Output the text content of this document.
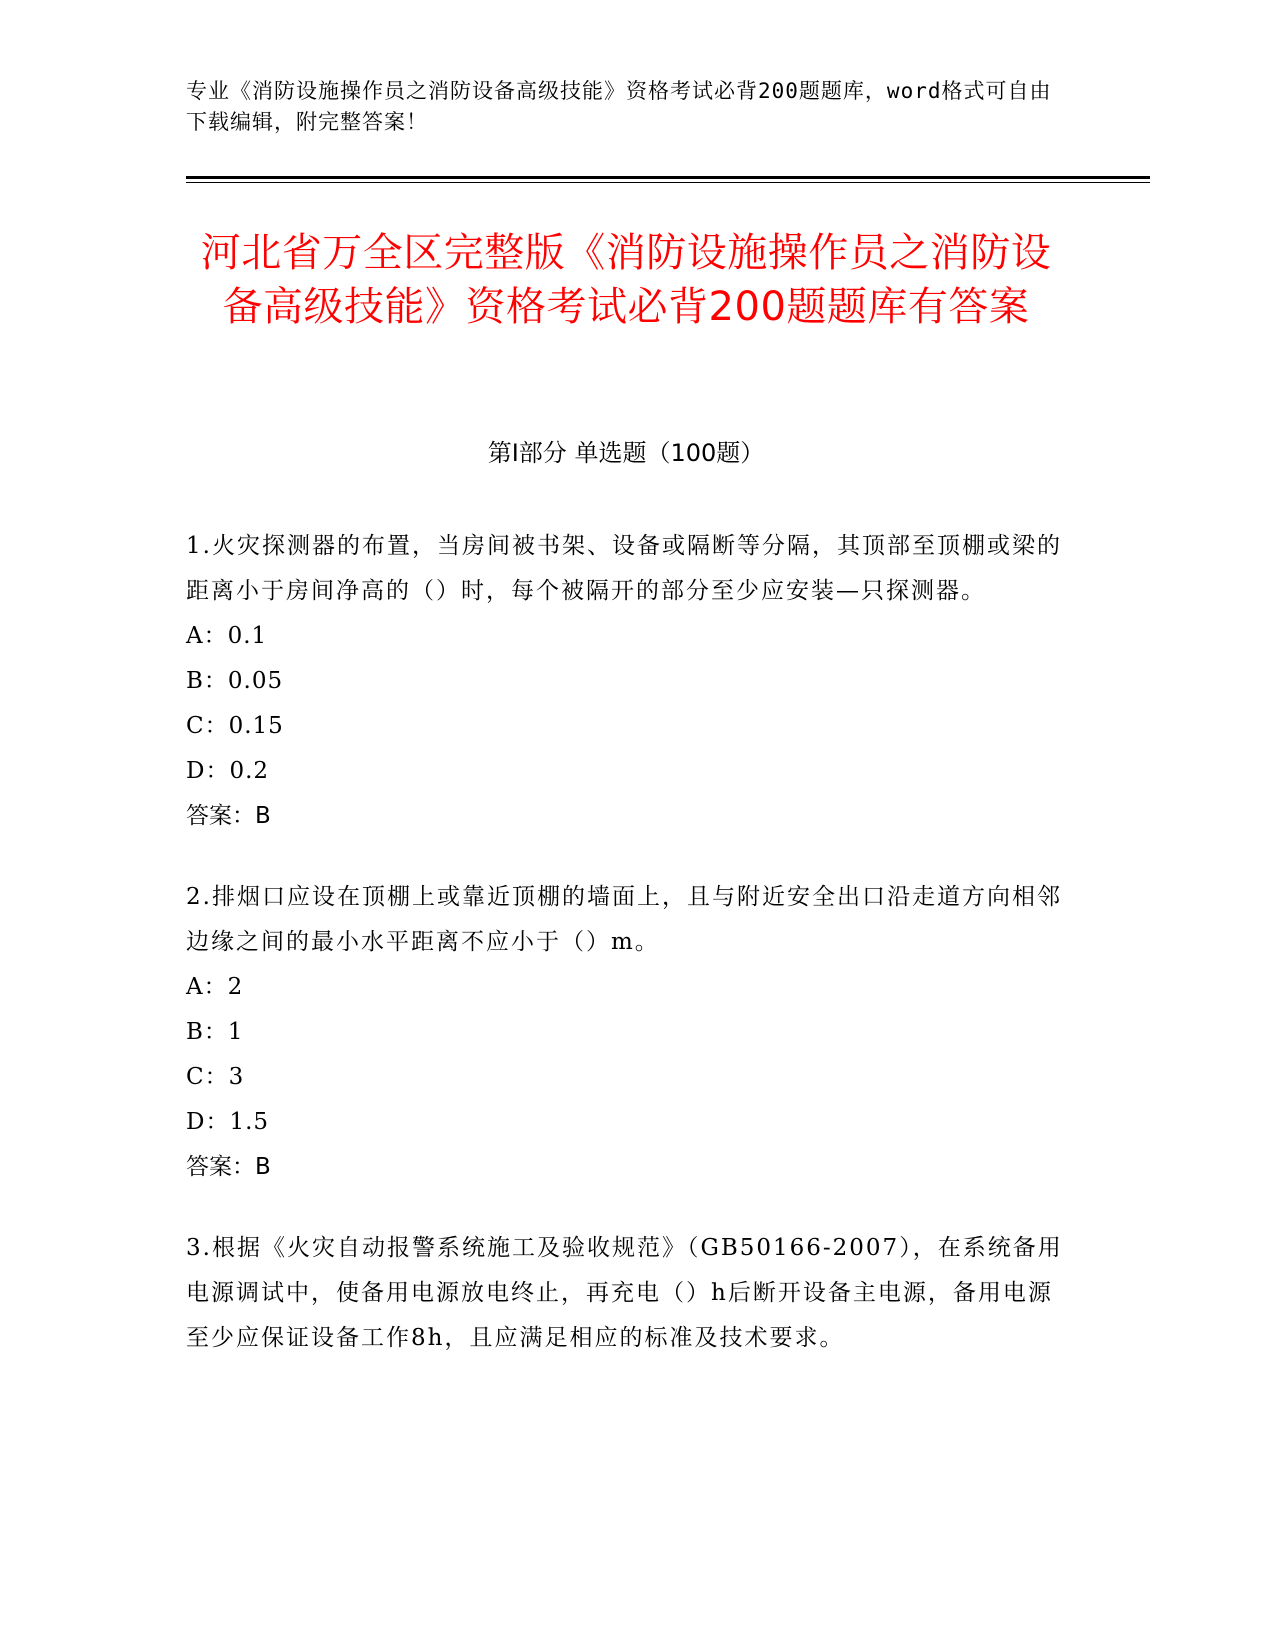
专业《消防设施操作员之消防设备高级技能》资格考试必背200题题库，word格式可自由下载编辑，附完整答案！
河北省万全区完整版《消防设施操作员之消防设备高级技能》资格考试必背200题题库有答案
第Ⅰ部分 单选题（100题）

1.火灾探测器的布置，当房间被书架、设备或隔断等分隔，其顶部至顶棚或梁的距离小于房间净高的（）时，每个被隔开的部分至少应安装—只探测器。

A：0.1

B：0.05

C：0.15

D：0.2

答案：B

2.排烟口应设在顶棚上或靠近顶棚的墙面上，且与附近安全出口沿走道方向相邻边缘之间的最小水平距离不应小于（）m。

A：2

B：1

C：3

D：1.5

答案：B

3.根据《火灾自动报警系统施工及验收规范》（GB50166-2007），在系统备用电源调试中，使备用电源放电终止，再充电（）h后断开设备主电源，备用电源至少应保证设备工作8h，且应满足相应的标准及技术要求。
